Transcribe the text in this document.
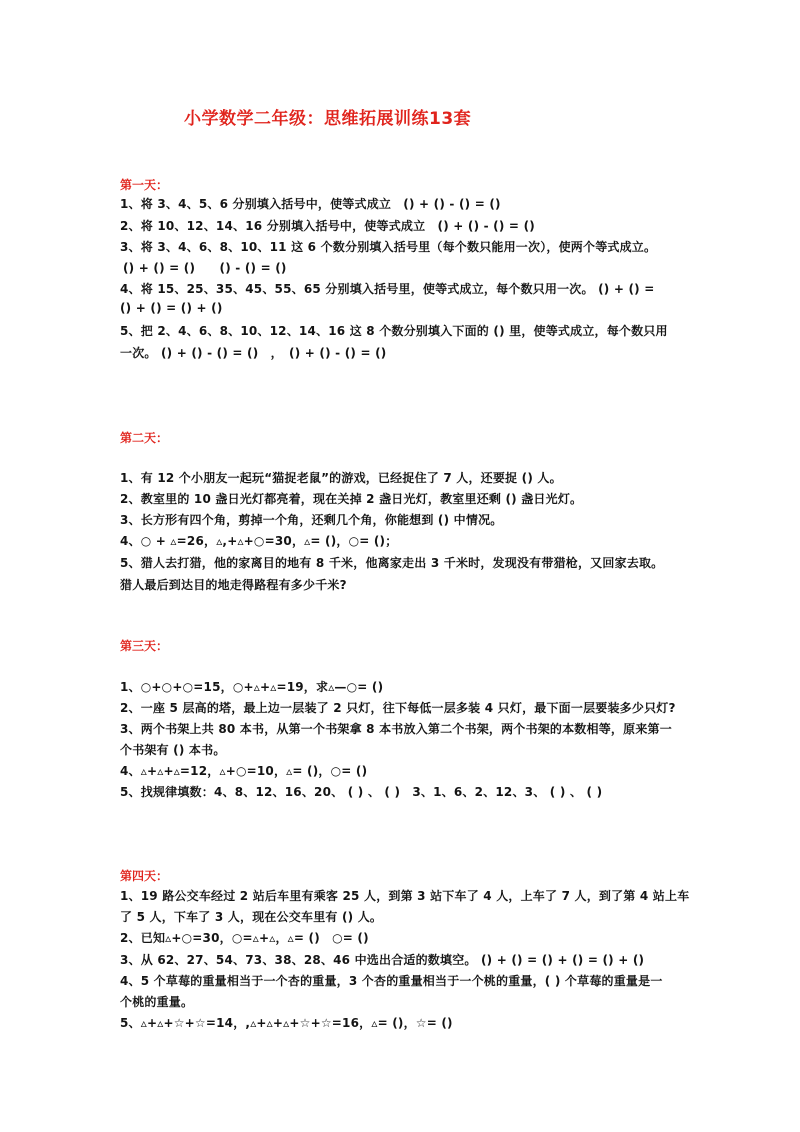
小学数学二年级：思维拓展训练13套
第一天：
1、将 3、4、5、6 分别填入括号中，使等式成立　() + () - () = ()
2、将 10、12、14、16 分别填入括号中，使等式成立　() + () - () = ()
3、将 3、4、6、8、10、11 这 6 个数分别填入括号里（每个数只能用一次），使两个等式成立。
() + () = ()　　() - () = ()
4、将 15、25、35、45、55、65 分别填入括号里，使等式成立，每个数只用一次。 () + () =
() + () = () + ()
5、把 2、4、6、8、10、12、14、16 这 8 个数分别填入下面的 () 里，使等式成立，每个数只用
一次。 () + () - () = ()　，　() + () - () = ()
第二天：
1、有 12 个小朋友一起玩“猫捉老鼠”的游戏，已经捉住了 7 人，还要捉 () 人。
2、教室里的 10 盏日光灯都亮着，现在关掉 2 盏日光灯，教室里还剩 () 盏日光灯。
3、长方形有四个角，剪掉一个角，还剩几个角，你能想到 () 中情况。
4、○ + ▵=26，▵,+▵+○=30，▵= ()，○= ()；
5、猎人去打猎，他的家离目的地有 8 千米，他离家走出 3 千米时，发现没有带猎枪，又回家去取。
猎人最后到达目的地走得路程有多少千米?
第三天：
1、○+○+○=15，○+▵+▵=19，求▵—○= ()
2、一座 5 层高的塔，最上边一层装了 2 只灯，往下每低一层多装 4 只灯，最下面一层要装多少只灯?
3、两个书架上共 80 本书，从第一个书架拿 8 本书放入第二个书架，两个书架的本数相等，原来第一
个书架有 () 本书。
4、▵+▵+▵=12，▵+○=10，▵= ()，○= ()
5、找规律填数：4、8、12、16、20、 ( ) 、 ( )　3、1、6、2、12、3、 ( ) 、 ( )
第四天：
1、19 路公交车经过 2 站后车里有乘客 25 人，到第 3 站下车了 4 人，上车了 7 人，到了第 4 站上车
了 5 人，下车了 3 人，现在公交车里有 () 人。
2、已知▵+○=30，○=▵+▵，▵= ()　○= ()
3、从 62、27、54、73、38、28、46 中选出合适的数填空。 () + () = () + () = () + ()
4、5 个草莓的重量相当于一个杏的重量，3 个杏的重量相当于一个桃的重量，( ) 个草莓的重量是一
个桃的重量。
5、▵+▵+☆+☆=14，,▵+▵+▵+☆+☆=16，▵= ()，☆= ()
